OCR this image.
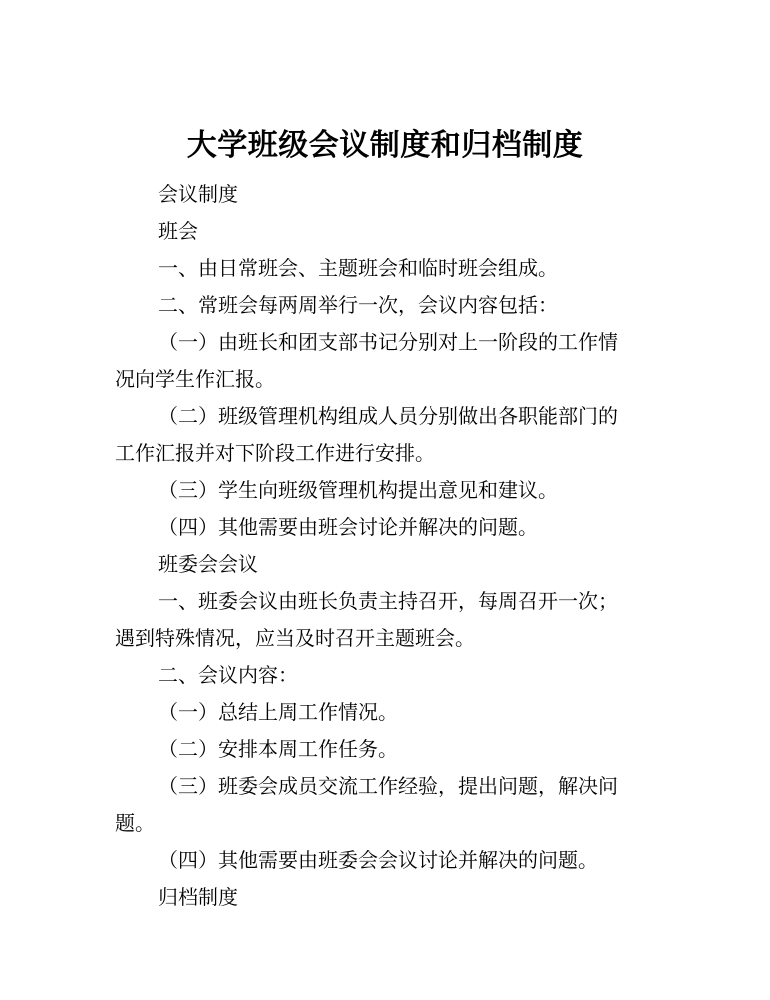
大学班级会议制度和归档制度

会议制度

班会

一、由日常班会、主题班会和临时班会组成。

二、常班会每两周举行一次，会议内容包括：

（一）由班长和团支部书记分别对上一阶段的工作情

况向学生作汇报。

（二）班级管理机构组成人员分别做出各职能部门的

工作汇报并对下阶段工作进行安排。

（三）学生向班级管理机构提出意见和建议。

（四）其他需要由班会讨论并解决的问题。

班委会会议

一、班委会议由班长负责主持召开，每周召开一次；

遇到特殊情况，应当及时召开主题班会。

二、会议内容：

（一）总结上周工作情况。

（二）安排本周工作任务。

（三）班委会成员交流工作经验，提出问题，解决问

题。

（四）其他需要由班委会会议讨论并解决的问题。

归档制度
